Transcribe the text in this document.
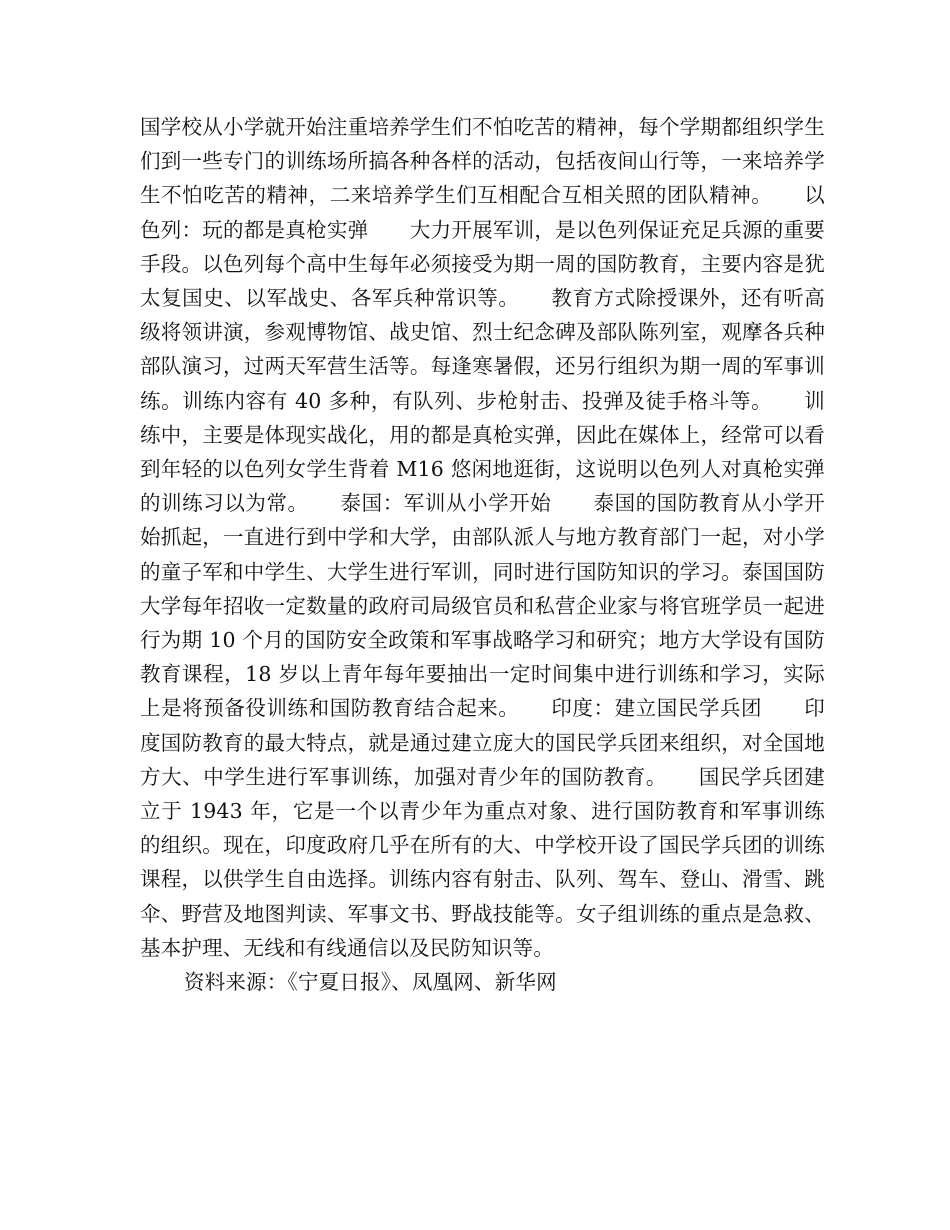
国学校从小学就开始注重培养学生们不怕吃苦的精神，每个学期都组织学生们到一些专门的训练场所搞各种各样的活动，包括夜间山行等，一来培养学生不怕吃苦的精神，二来培养学生们互相配合互相关照的团队精神。　　以色列：玩的都是真枪实弹　　大力开展军训，是以色列保证充足兵源的重要手段。以色列每个高中生每年必须接受为期一周的国防教育，主要内容是犹太复国史、以军战史、各军兵种常识等。　　教育方式除授课外，还有听高级将领讲演，参观博物馆、战史馆、烈士纪念碑及部队陈列室，观摩各兵种部队演习，过两天军营生活等。每逢寒暑假，还另行组织为期一周的军事训练。训练内容有 40 多种，有队列、步枪射击、投弹及徒手格斗等。　　训练中，主要是体现实战化，用的都是真枪实弹，因此在媒体上，经常可以看到年轻的以色列女学生背着 M16 悠闲地逛街，这说明以色列人对真枪实弹的训练习以为常。　　泰国：军训从小学开始　　泰国的国防教育从小学开始抓起，一直进行到中学和大学，由部队派人与地方教育部门一起，对小学的童子军和中学生、大学生进行军训，同时进行国防知识的学习。泰国国防大学每年招收一定数量的政府司局级官员和私营企业家与将官班学员一起进行为期 10 个月的国防安全政策和军事战略学习和研究；地方大学设有国防教育课程，18 岁以上青年每年要抽出一定时间集中进行训练和学习，实际上是将预备役训练和国防教育结合起来。　　印度：建立国民学兵团　　印度国防教育的最大特点，就是通过建立庞大的国民学兵团来组织，对全国地方大、中学生进行军事训练，加强对青少年的国防教育。　　国民学兵团建立于 1943 年，它是一个以青少年为重点对象、进行国防教育和军事训练的组织。现在，印度政府几乎在所有的大、中学校开设了国民学兵团的训练课程，以供学生自由选择。训练内容有射击、队列、驾车、登山、滑雪、跳伞、野营及地图判读、军事文书、野战技能等。女子组训练的重点是急救、基本护理、无线和有线通信以及民防知识等。

资料来源：《宁夏日报》、凤凰网、新华网
